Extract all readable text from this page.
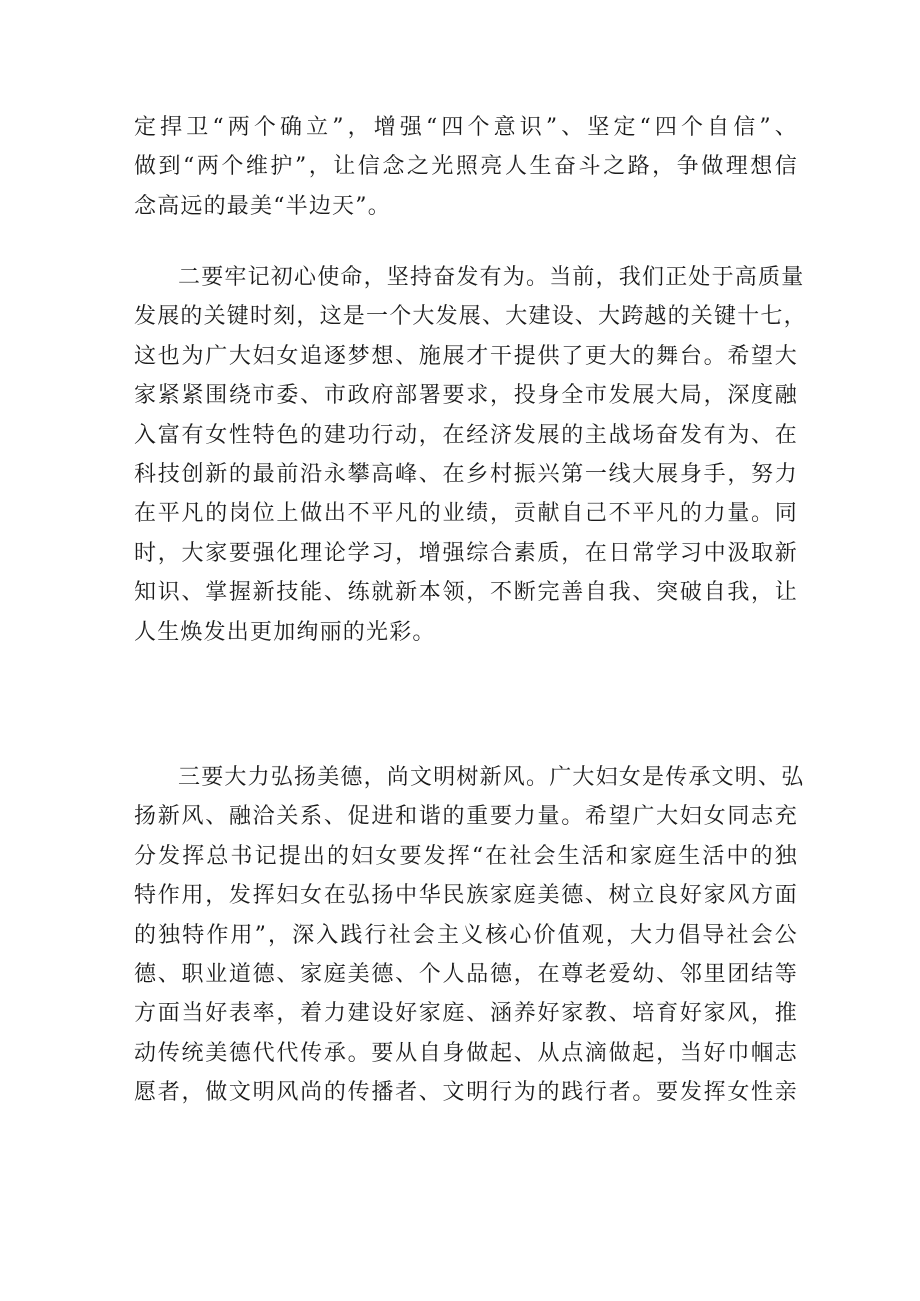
定捍卫“两个确立”，增强“四个意识”、坚定“四个自信”、
做到“两个维护”，让信念之光照亮人生奋斗之路，争做理想信
念高远的最美“半边天”。
二要牢记初心使命，坚持奋发有为。当前，我们正处于高质量
发展的关键时刻，这是一个大发展、大建设、大跨越的关键十七，
这也为广大妇女追逐梦想、施展才干提供了更大的舞台。希望大
家紧紧围绕市委、市政府部署要求，投身全市发展大局，深度融
入富有女性特色的建功行动，在经济发展的主战场奋发有为、在
科技创新的最前沿永攀高峰、在乡村振兴第一线大展身手，努力
在平凡的岗位上做出不平凡的业绩，贡献自己不平凡的力量。同
时，大家要强化理论学习，增强综合素质，在日常学习中汲取新
知识、掌握新技能、练就新本领，不断完善自我、突破自我，让
人生焕发出更加绚丽的光彩。
三要大力弘扬美德，尚文明树新风。广大妇女是传承文明、弘
扬新风、融洽关系、促进和谐的重要力量。希望广大妇女同志充
分发挥总书记提出的妇女要发挥“在社会生活和家庭生活中的独
特作用，发挥妇女在弘扬中华民族家庭美德、树立良好家风方面
的独特作用”，深入践行社会主义核心价值观，大力倡导社会公
德、职业道德、家庭美德、个人品德，在尊老爱幼、邻里团结等
方面当好表率，着力建设好家庭、涵养好家教、培育好家风，推
动传统美德代代传承。要从自身做起、从点滴做起，当好巾帼志
愿者，做文明风尚的传播者、文明行为的践行者。要发挥女性亲
